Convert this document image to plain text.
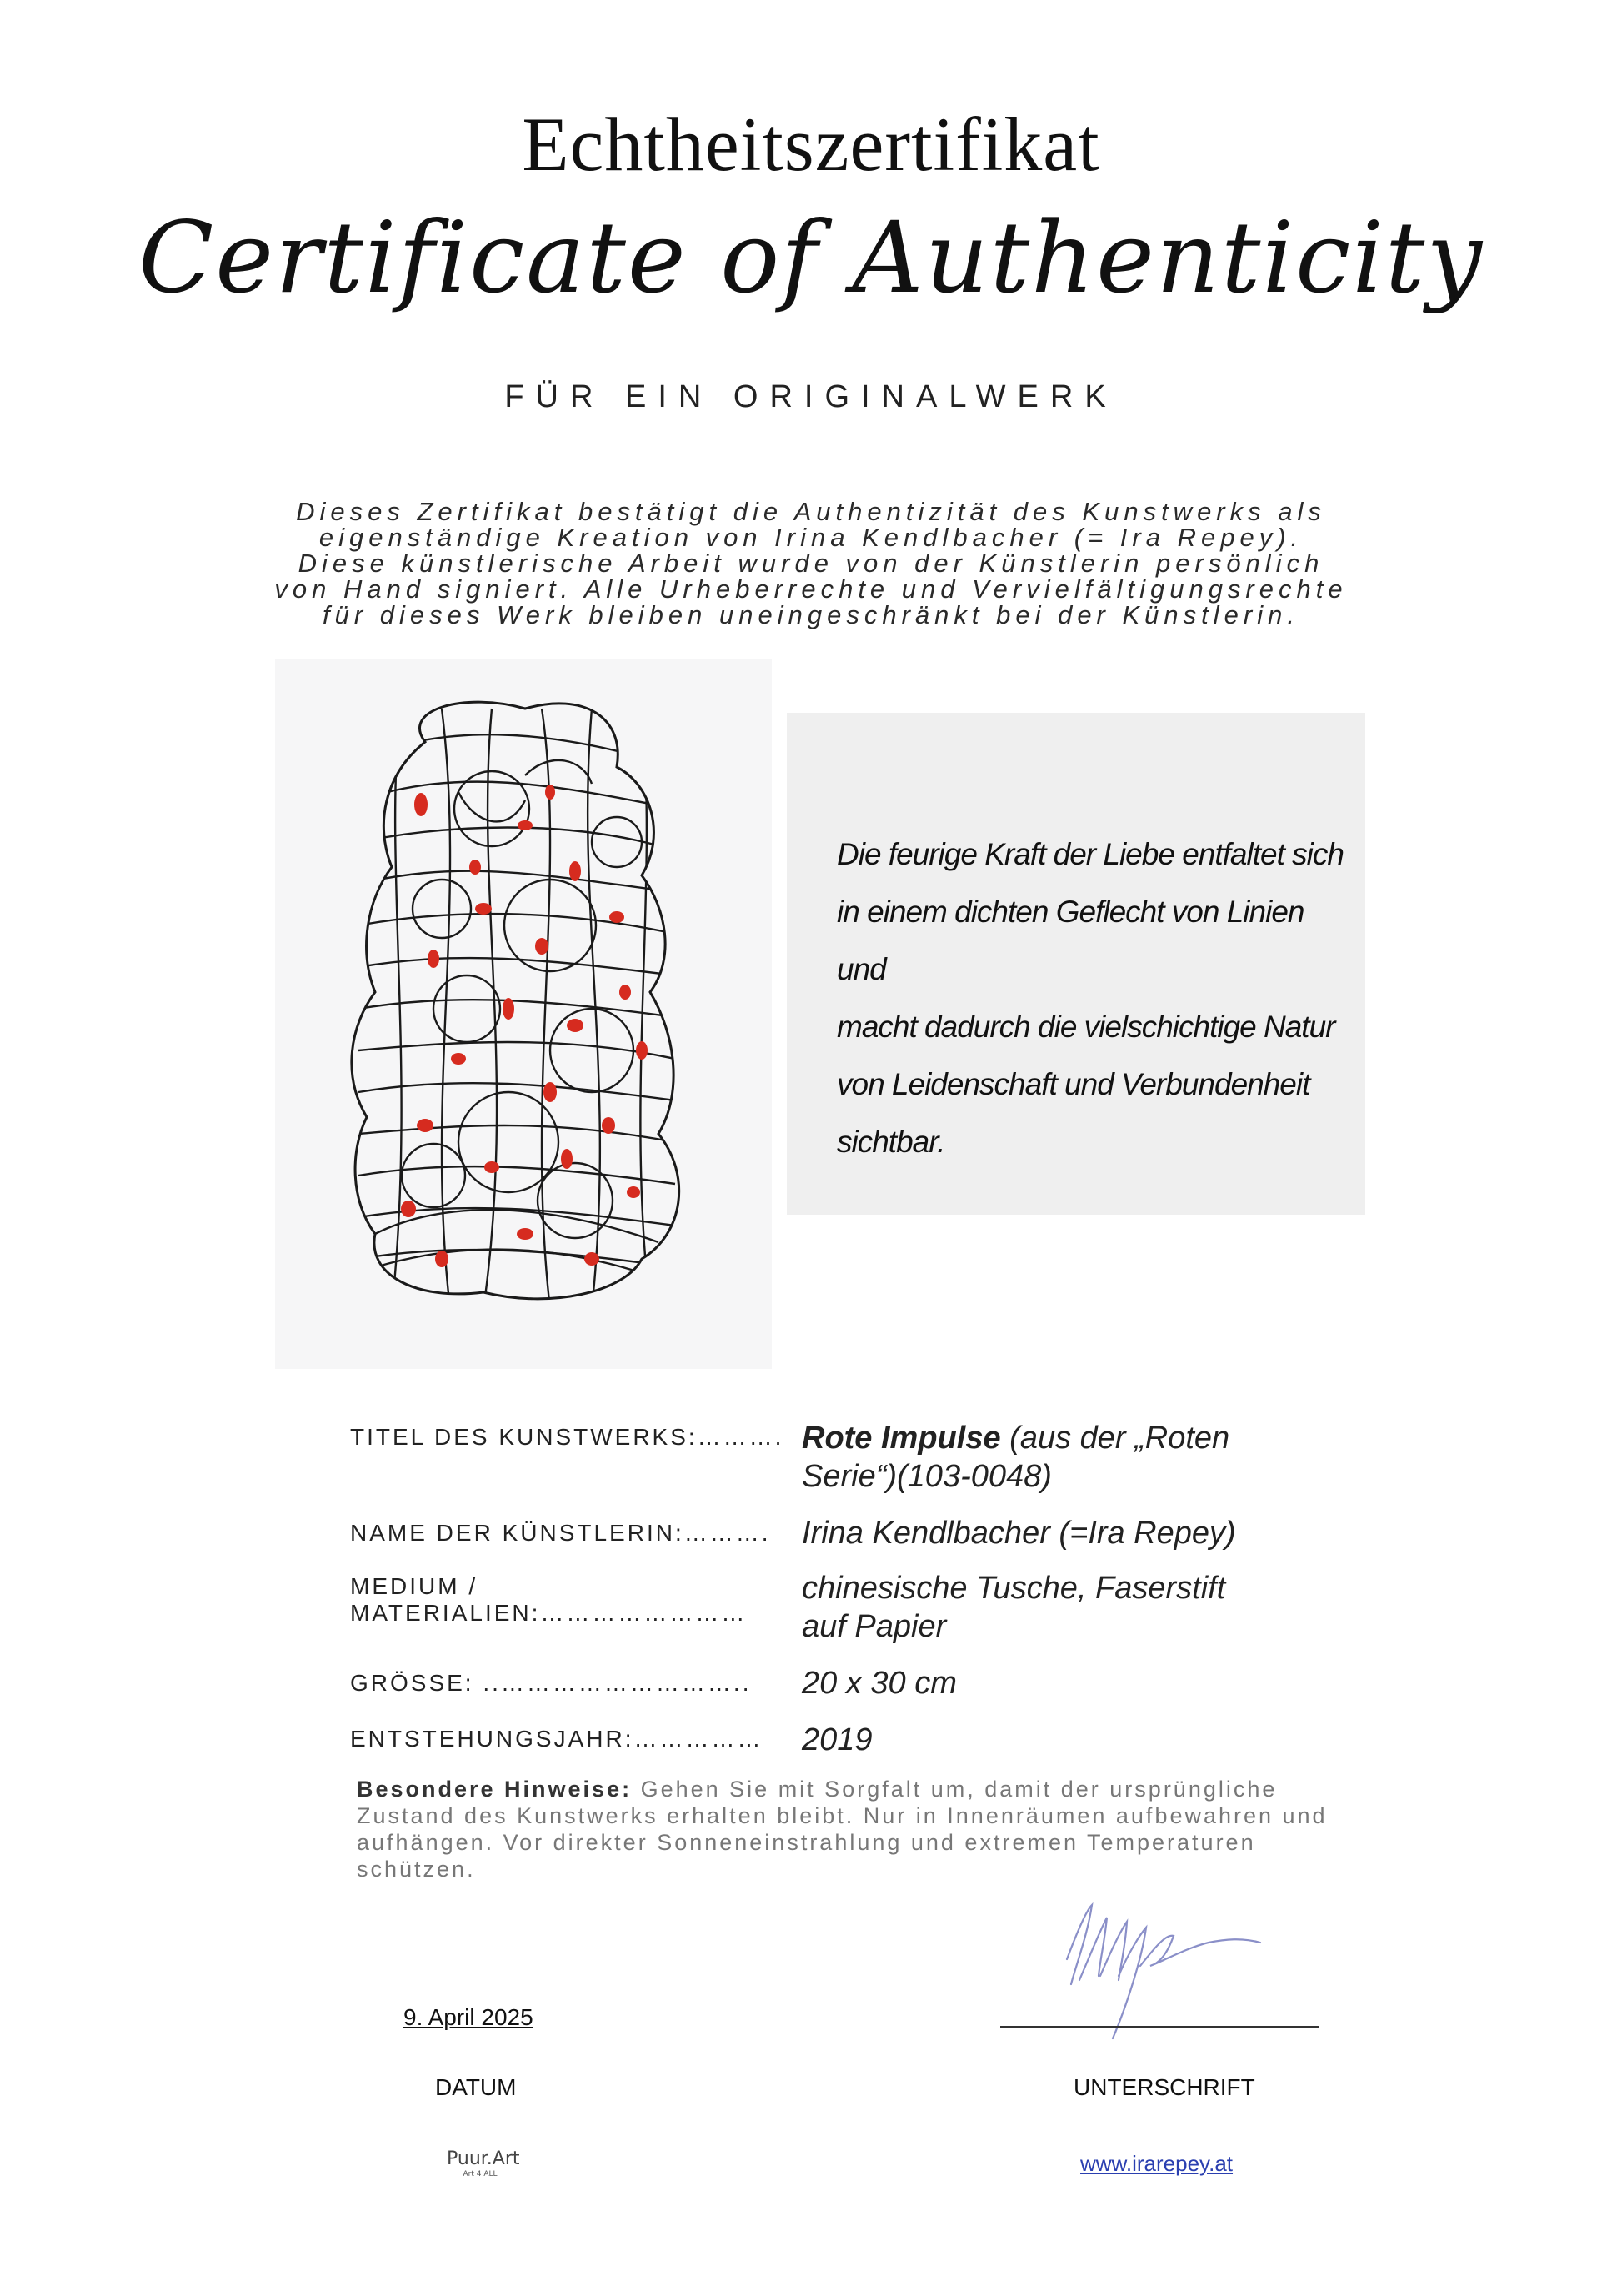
Echtheitszertifikat
Certificate of Authenticity
FÜR EIN ORIGINALWERK
Dieses Zertifikat bestätigt die Authentizität des Kunstwerks als
eigenständige Kreation von Irina Kendlbacher (= Ira Repey).
Diese künstlerische Arbeit wurde von der Künstlerin persönlich
von Hand signiert. Alle Urheberrechte und Vervielfältigungsrechte
für dieses Werk bleiben uneingeschränkt bei der Künstlerin.
Die feurige Kraft der Liebe entfaltet sich
in einem dichten Geflecht von Linien und
macht dadurch die vielschichtige Natur
von Leidenschaft und Verbundenheit
sichtbar.
TITEL DES KUNSTWERKS:………. Rote Impulse (aus der „Roten Serie“)(103-0048)
NAME DER KÜNSTLERIN:………. Irina Kendlbacher (=Ira Repey)
MEDIUM /
MATERIALIEN:……………………
chinesische Tusche, Faserstift auf Papier
GRÖSSE: ..……………………….. 20 x 30 cm
ENTSTEHUNGSJAHR:…………… 2019
Besondere Hinweise: Gehen Sie mit Sorgfalt um, damit der ursprüngliche Zustand des Kunstwerks erhalten bleibt. Nur in Innenräumen aufbewahren und aufhängen. Vor direkter Sonneneinstrahlung und extremen Temperaturen schützen.
9. April 2025
DATUM	UNTERSCHRIFT
Puur.Art
Art 4 ALL	www.irarepey.at
